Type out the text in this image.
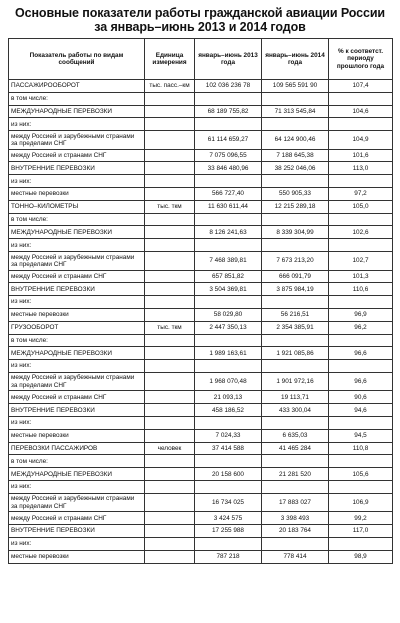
Основные показатели работы гражданской авиации России
за январь–июнь 2013 и 2014 годов
Показатель работы по видам сообщений	Единица измерения	январь–июнь 2013 года	январь–июнь 2014 года	% к соответст. периоду прошлого года
ПАССАЖИРООБОРОТ	тыс. пасс.–км	102 036 236 78	109 565 591 90	107,4
в том числе:				
МЕЖДУНАРОДНЫЕ ПЕРЕВОЗКИ		68 189 755,82	71 313 545,84	104,6
из них:				
между Россией и зарубежными странами за пределами СНГ		61 114 659,27	64 124 900,46	104,9
между Россией и странами СНГ		7 075 096,55	7 188 645,38	101,6
ВНУТРЕННИЕ ПЕРЕВОЗКИ		33 846 480,96	38 252 046,06	113,0
из них:				
местные перевозки		566 727,40	550 905,33	97,2
ТОННО–КИЛОМЕТРЫ	тыс. ткм	11 630 611,44	12 215 289,18	105,0
в том числе:				
МЕЖДУНАРОДНЫЕ ПЕРЕВОЗКИ		8 126 241,63	8 339 304,99	102,6
из них:				
между Россией и зарубежными странами за пределами СНГ		7 468 389,81	7 673 213,20	102,7
между Россией и странами СНГ		657 851,82	666 091,79	101,3
ВНУТРЕННИЕ ПЕРЕВОЗКИ		3 504 369,81	3 875 984,19	110,6
из них:				
местные перевозки		58 029,80	56 216,51	96,9
ГРУЗООБОРОТ	тыс. ткм	2 447 350,13	2 354 385,91	96,2
в том числе:				
МЕЖДУНАРОДНЫЕ ПЕРЕВОЗКИ		1 989 163,61	1 921 085,86	96,6
из них:				
между Россией и зарубежными странами за пределами СНГ		1 968 070,48	1 901 972,16	96,6
между Россией и странами СНГ		21 093,13	19 113,71	90,6
ВНУТРЕННИЕ ПЕРЕВОЗКИ		458 186,52	433 300,04	94,6
из них:				
местные перевозки		7 024,33	6 635,03	94,5
ПЕРЕВОЗКИ ПАССАЖИРОВ	человек	37 414 588	41 465 284	110,8
в том числе:				
МЕЖДУНАРОДНЫЕ ПЕРЕВОЗКИ		20 158 600	21 281 520	105,6
из них:				
между Россией и зарубежными странами за пределами СНГ		16 734 025	17 883 027	106,9
между Россией и странами СНГ		3 424 575	3 398 493	99,2
ВНУТРЕННИЕ ПЕРЕВОЗКИ		17 255 988	20 183 764	117,0
из них:				
местные перевозки		787 218	778 414	98,9
